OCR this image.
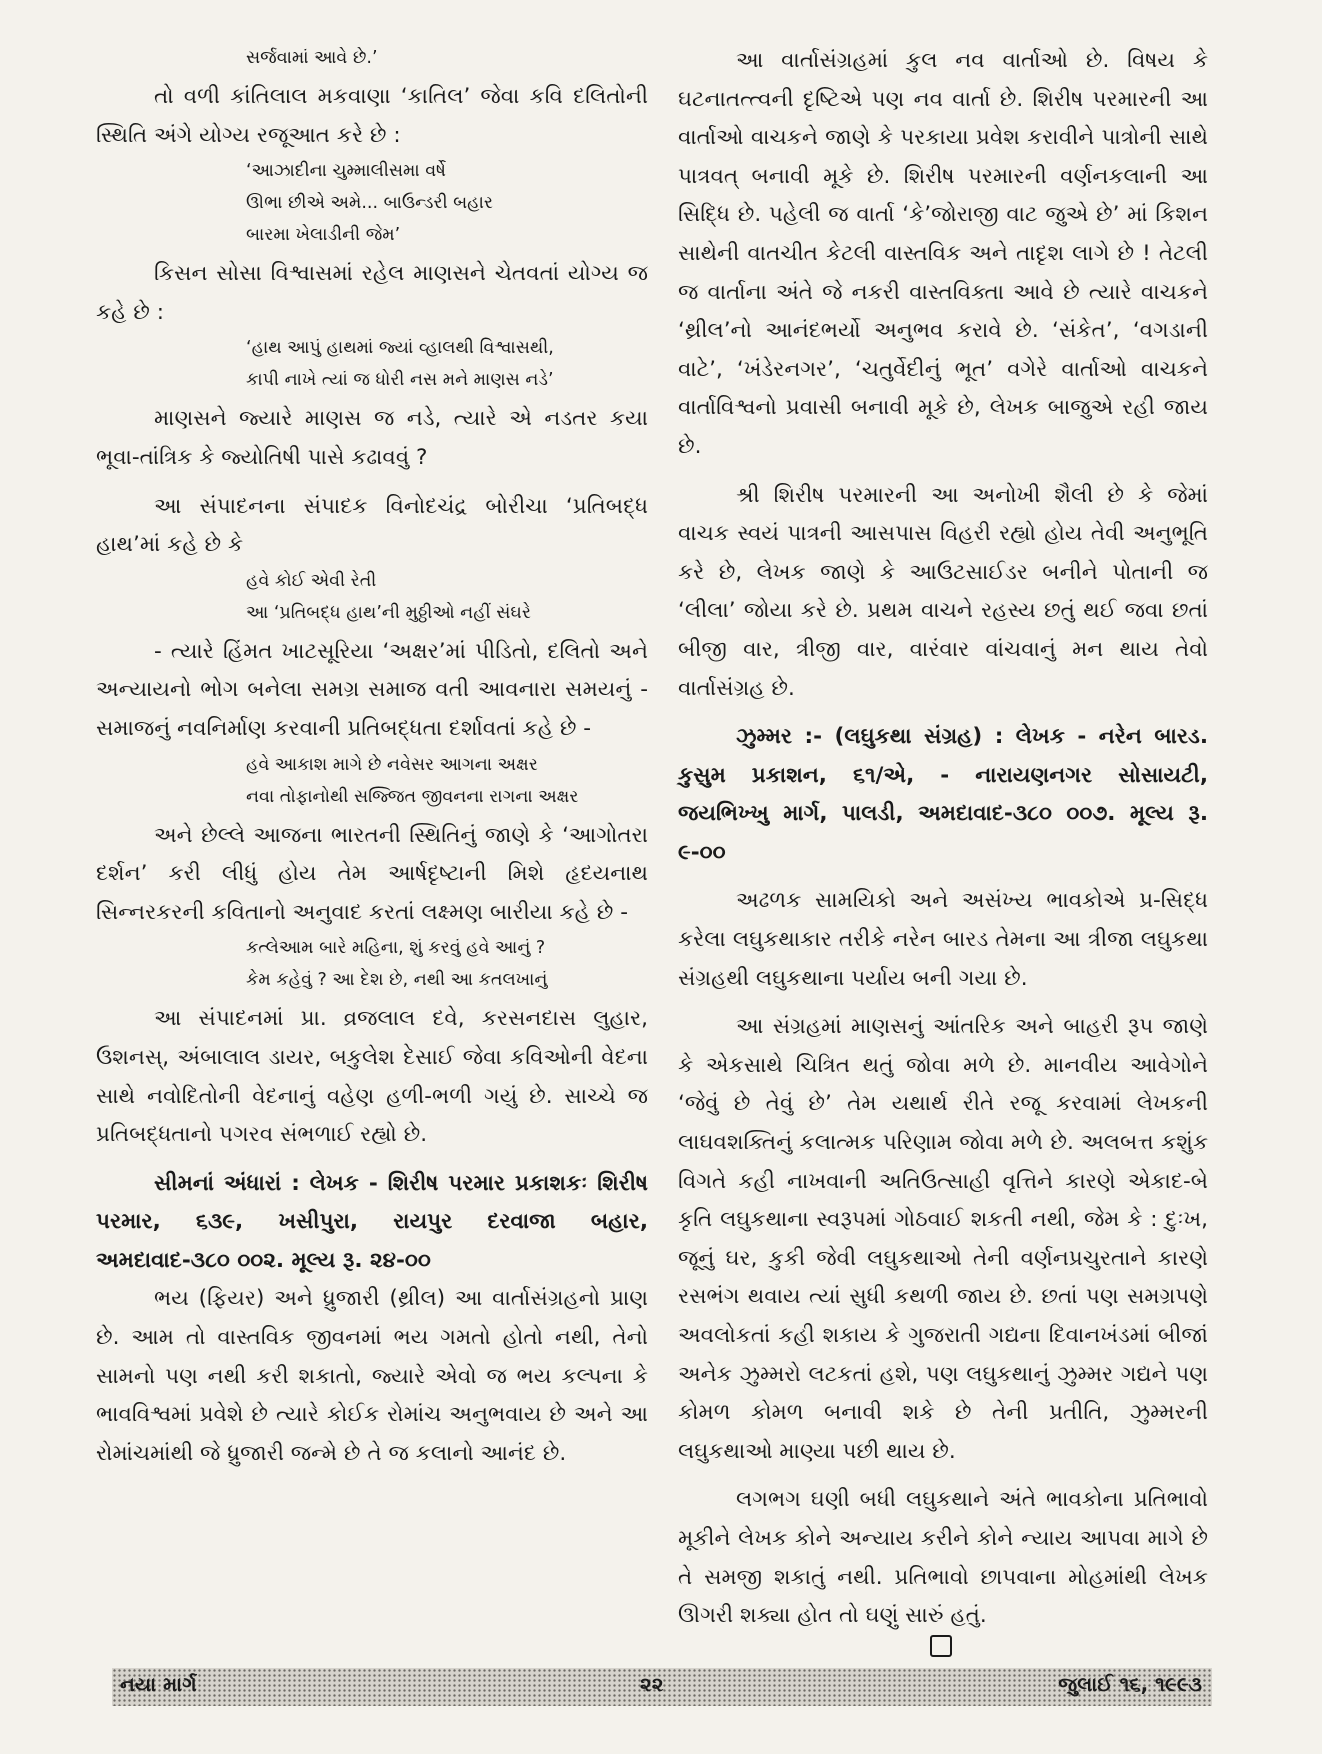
સર્જવામાં આવે છે.’

તો વળી કાંતિલાલ મકવાણા ‘કાતિલ’ જેવા કવિ દલિતોની સ્થિતિ અંગે યોગ્ય રજૂઆત કરે છે :

‘આઝાદીના ચુમ્માલીસમા વર્ષે

ઊભા છીએ અમે... બાઉન્ડરી બહાર

બારમા ખેલાડીની જેમ’

કિસન સોસા વિશ્વાસમાં રહેલ માણસને ચેતવતાં યોગ્ય જ કહે છે :

‘હાથ આપું હાથમાં જ્યાં વ્હાલથી વિશ્વાસથી,

કાપી નાખે ત્યાં જ ધોરી નસ મને માણસ નડે’

માણસને જ્યારે માણસ જ નડે, ત્યારે એ નડતર કયા ભૂવા-તાંત્રિક કે જ્યોતિષી પાસે કઢાવવું ?

આ સંપાદનના સંપાદક વિનોદચંદ્ર બોરીચા ‘પ્રતિબદ્ધ હાથ’માં કહે છે કે

હવે કોઈ એવી રેતી

આ ‘પ્રતિબદ્ધ હાથ’ની મુઠ્ઠીઓ નહીં સંઘરે

- ત્યારે હિંમત ખાટસૂરિયા ‘અક્ષર’માં પીડિતો, દલિતો અને અન્યાયનો ભોગ બનેલા સમગ્ર સમાજ વતી આવનારા સમયનું - સમાજનું નવનિર્માણ કરવાની પ્રતિબદ્ધતા દર્શાવતાં કહે છે -

હવે આકાશ માગે છે નવેસર આગના અક્ષર

નવા તોફાનોથી સજ્જિત જીવનના રાગના અક્ષર

અને છેલ્લે આજના ભારતની સ્થિતિનું જાણે કે ‘આગોતરા દર્શન’ કરી લીધું હોય તેમ આર્ષદૃષ્ટાની મિશે હૃદયનાથ સિન્નરકરની કવિતાનો અનુવાદ કરતાં લક્ષ્મણ બારીયા કહે છે -

કત્લેઆમ બારે મહિના, શું કરવું હવે આનું ?

કેમ કહેવું ? આ દેશ છે, નથી આ કતલખાનું

આ સંપાદનમાં પ્રા. વ્રજલાલ દવે, કરસનદાસ લુહાર, ઉશનસ્, અંબાલાલ ડાયર, બકુલેશ દેસાઈ જેવા કવિઓની વેદના સાથે નવોદિતોની વેદનાનું વહેણ હળી-ભળી ગયું છે. સાચ્ચે જ પ્રતિબદ્ધતાનો પગરવ સંભળાઈ રહ્યો છે.

સીમનાં અંધારાં : લેખક - શિરીષ પરમાર પ્રકાશકઃ શિરીષ પરમાર, ૬૩૯, ખસીપુરા, રાયપુર દરવાજા બહાર, અમદાવાદ-૩૮૦ ૦૦૨. મૂલ્ય રૂ. ૨૪-૦૦

ભય (ફિયર) અને ધ્રુજારી (થ્રીલ) આ વાર્તાસંગ્રહનો પ્રાણ છે. આમ તો વાસ્તવિક જીવનમાં ભય ગમતો હોતો નથી, તેનો સામનો પણ નથી કરી શકાતો, જ્યારે એવો જ ભય કલ્પના કે ભાવવિશ્વમાં પ્રવેશે છે ત્યારે કોઈક રોમાંચ અનુભવાય છે અને આ રોમાંચમાંથી જે ધ્રુજારી જન્મે છે તે જ કલાનો આનંદ છે.

આ વાર્તાસંગ્રહમાં કુલ નવ વાર્તાઓ છે. વિષય કે ઘટનાતત્ત્વની દૃષ્ટિએ પણ નવ વાર્તા છે. શિરીષ પરમારની આ વાર્તાઓ વાચકને જાણે કે પરકાયા પ્રવેશ કરાવીને પાત્રોની સાથે પાત્રવત્ બનાવી મૂકે છે. શિરીષ પરમારની વર્ણનકલાની આ સિદ્ધિ છે. પહેલી જ વાર્તા ‘કે’જોરાજી વાટ જુએ છે’ માં કિશન સાથેની વાતચીત કેટલી વાસ્તવિક અને તાદૃશ લાગે છે ! તેટલી જ વાર્તાના અંતે જે નકરી વાસ્તવિક્તા આવે છે ત્યારે વાચકને ‘થ્રીલ’નો આનંદભર્યો અનુભવ કરાવે છે. ‘સંકેત’, ‘વગડાની વાટે’, ‘ખંડેરનગર’, ‘ચતુર્વેદીનું ભૂત’ વગેરે વાર્તાઓ વાચકને વાર્તાવિશ્વનો પ્રવાસી બનાવી મૂકે છે, લેખક બાજુએ રહી જાય છે.

શ્રી શિરીષ પરમારની આ અનોખી શૈલી છે કે જેમાં વાચક સ્વયં પાત્રની આસપાસ વિહરી રહ્યો હોય તેવી અનુભૂતિ કરે છે, લેખક જાણે કે આઉટસાઈડર બનીને પોતાની જ ‘લીલા’ જોયા કરે છે. પ્રથમ વાચને રહસ્ય છતું થઈ જવા છતાં બીજી વાર, ત્રીજી વાર, વારંવાર વાંચવાનું મન થાય તેવો વાર્તાસંગ્રહ છે.

ઝુમ્મર :- (લઘુકથા સંગ્રહ) : લેખક - નરેન બારડ. કુસુમ પ્રકાશન, ૬૧/એ, - નારાયણનગર સોસાયટી, જયભિખ્ખુ માર્ગ, પાલડી, અમદાવાદ-૩૮૦ ૦૦૭. મૂલ્ય રૂ. ૯-૦૦

અઢળક સામયિકો અને અસંખ્ય ભાવકોએ પ્ર-સિદ્ધ કરેલા લઘુકથાકાર તરીકે નરેન બારડ તેમના આ ત્રીજા લઘુકથા સંગ્રહથી લઘુકથાના પર્યાય બની ગયા છે.

આ સંગ્રહમાં માણસનું આંતરિક અને બાહરી રૂપ જાણે કે એકસાથે ચિત્રિત થતું જોવા મળે છે. માનવીય આવેગોને ‘જેવું છે તેવું છે’ તેમ યથાર્થ રીતે રજૂ કરવામાં લેખકની લાઘવશક્તિનું કલાત્મક પરિણામ જોવા મળે છે. અલબત્ત કશુંક વિગતે કહી નાખવાની અતિઉત્સાહી વૃત્તિને કારણે એકાદ-બે કૃતિ લઘુકથાના સ્વરૂપમાં ગોઠવાઈ શકતી નથી, જેમ કે : દુઃખ, જૂનું ઘર, કુકી જેવી લઘુકથાઓ તેની વર્ણનપ્રચુરતાને કારણે રસભંગ થવાય ત્યાં સુધી કથળી જાય છે. છતાં પણ સમગ્રપણે અવલોકતાં કહી શકાય કે ગુજરાતી ગદ્યના દિવાનખંડમાં બીજાં અનેક ઝુમ્મરો લટકતાં હશે, પણ લઘુકથાનું ઝુમ્મર ગદ્યને પણ કોમળ કોમળ બનાવી શકે છે તેની પ્રતીતિ, ઝુમ્મરની લઘુકથાઓ માણ્યા પછી થાય છે.

લગભગ ઘણી બધી લઘુકથાને અંતે ભાવકોના પ્રતિભાવો મૂકીને લેખક કોને અન્યાય કરીને કોને ન્યાય આપવા માગે છે તે સમજી શકાતું નથી. પ્રતિભાવો છાપવાના મોહમાંથી લેખક ઊગરી શક્યા હોત તો ઘણું સારું હતું.

નયા માર્ગ	૨૨	જુલાઈ ૧૬, ૧૯૯૩
